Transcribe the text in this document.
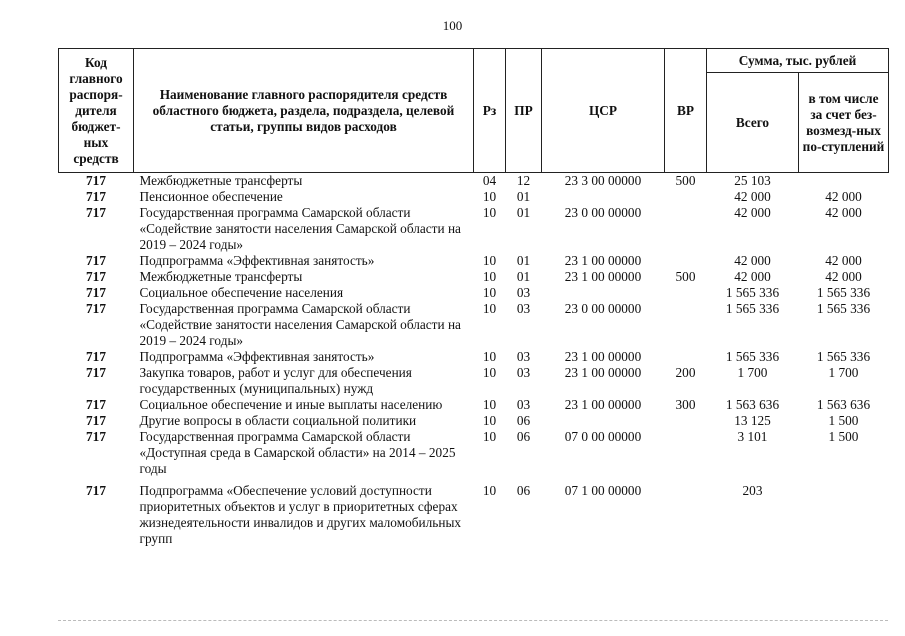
100
Код главного распоря-дителя бюджет-ных средств	Наименование главного распорядителя средств областного бюджета, раздела, подраздела, целевой статьи, группы видов расходов	Рз	ПР	ЦСР	ВР	Сумма, тыс. рублей	
						Всего	в том числе за счет без-возмезд-ных по-ступлений
717	Межбюджетные трансферты	04	12	23 3 00 00000	500	25 103	
717	Пенсионное обеспечение	10	01			42 000	42 000
717	Государственная программа Самарской области «Содействие занятости населения Самарской области на 2019 – 2024 годы»	10	01	23 0 00 00000		42 000	42 000
717	Подпрограмма «Эффективная занятость»	10	01	23 1 00 00000		42 000	42 000
717	Межбюджетные трансферты	10	01	23 1 00 00000	500	42 000	42 000
717	Социальное обеспечение населения	10	03			1 565 336	1 565 336
717	Государственная программа Самарской области «Содействие занятости населения Самарской области на 2019 – 2024 годы»	10	03	23 0 00 00000		1 565 336	1 565 336
717	Подпрограмма «Эффективная занятость»	10	03	23 1 00 00000		1 565 336	1 565 336
717	Закупка товаров, работ и услуг для обеспечения государственных (муниципальных) нужд	10	03	23 1 00 00000	200	1 700	1 700
717	Социальное обеспечение и иные выплаты населению	10	03	23 1 00 00000	300	1 563 636	1 563 636
717	Другие вопросы в области социальной политики	10	06			13 125	1 500
717	Государственная программа Самарской области «Доступная среда в Самарской области» на 2014 – 2025 годы	10	06	07 0 00 00000		3 101	1 500
717	Подпрограмма «Обеспечение условий доступности приоритетных объектов и услуг в приоритетных сферах жизнедеятельности инвалидов и других маломобильных групп	10	06	07 1 00 00000		203	
